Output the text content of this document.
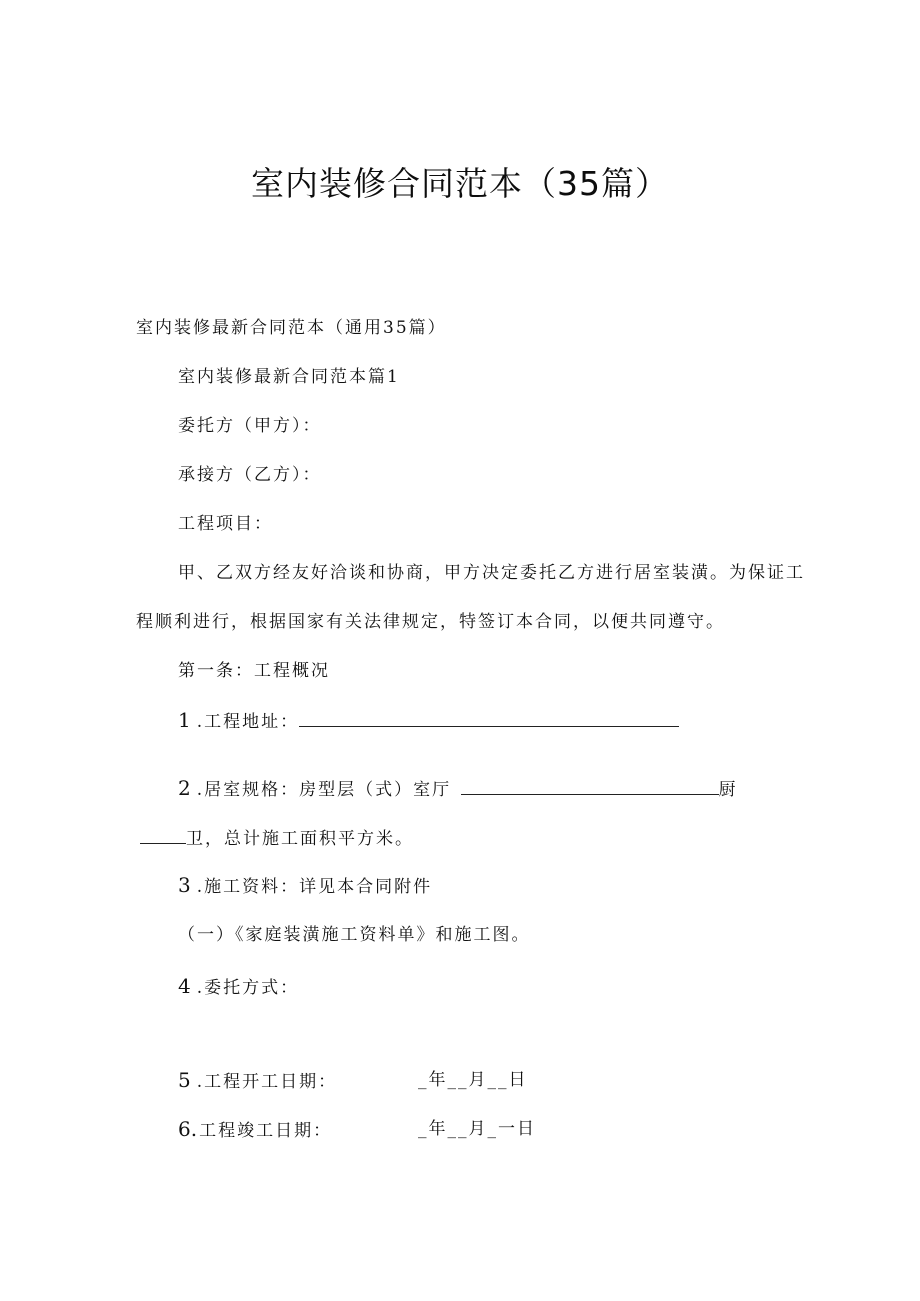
室内装修合同范本（35篇）
室内装修最新合同范本（通用35篇）
室内装修最新合同范本篇1
委托方（甲方）：
承接方（乙方）：
工程项目：
甲、乙双方经友好洽谈和协商，甲方决定委托乙方进行居室装潢。为保证工
程顺利进行，根据国家有关法律规定，特签订本合同，以便共同遵守。
第一条：工程概况
1 .工程地址：
2 .居室规格：房型层（式）室厅	厨
卫，总计施工面积平方米。
3 .施工资料：详见本合同附件
（一）《家庭装潢施工资料单》和施工图。
4 .委托方式：
5 .工程开工日期：	_年__月__日
6. 工程竣工日期：	_年__月_一日
